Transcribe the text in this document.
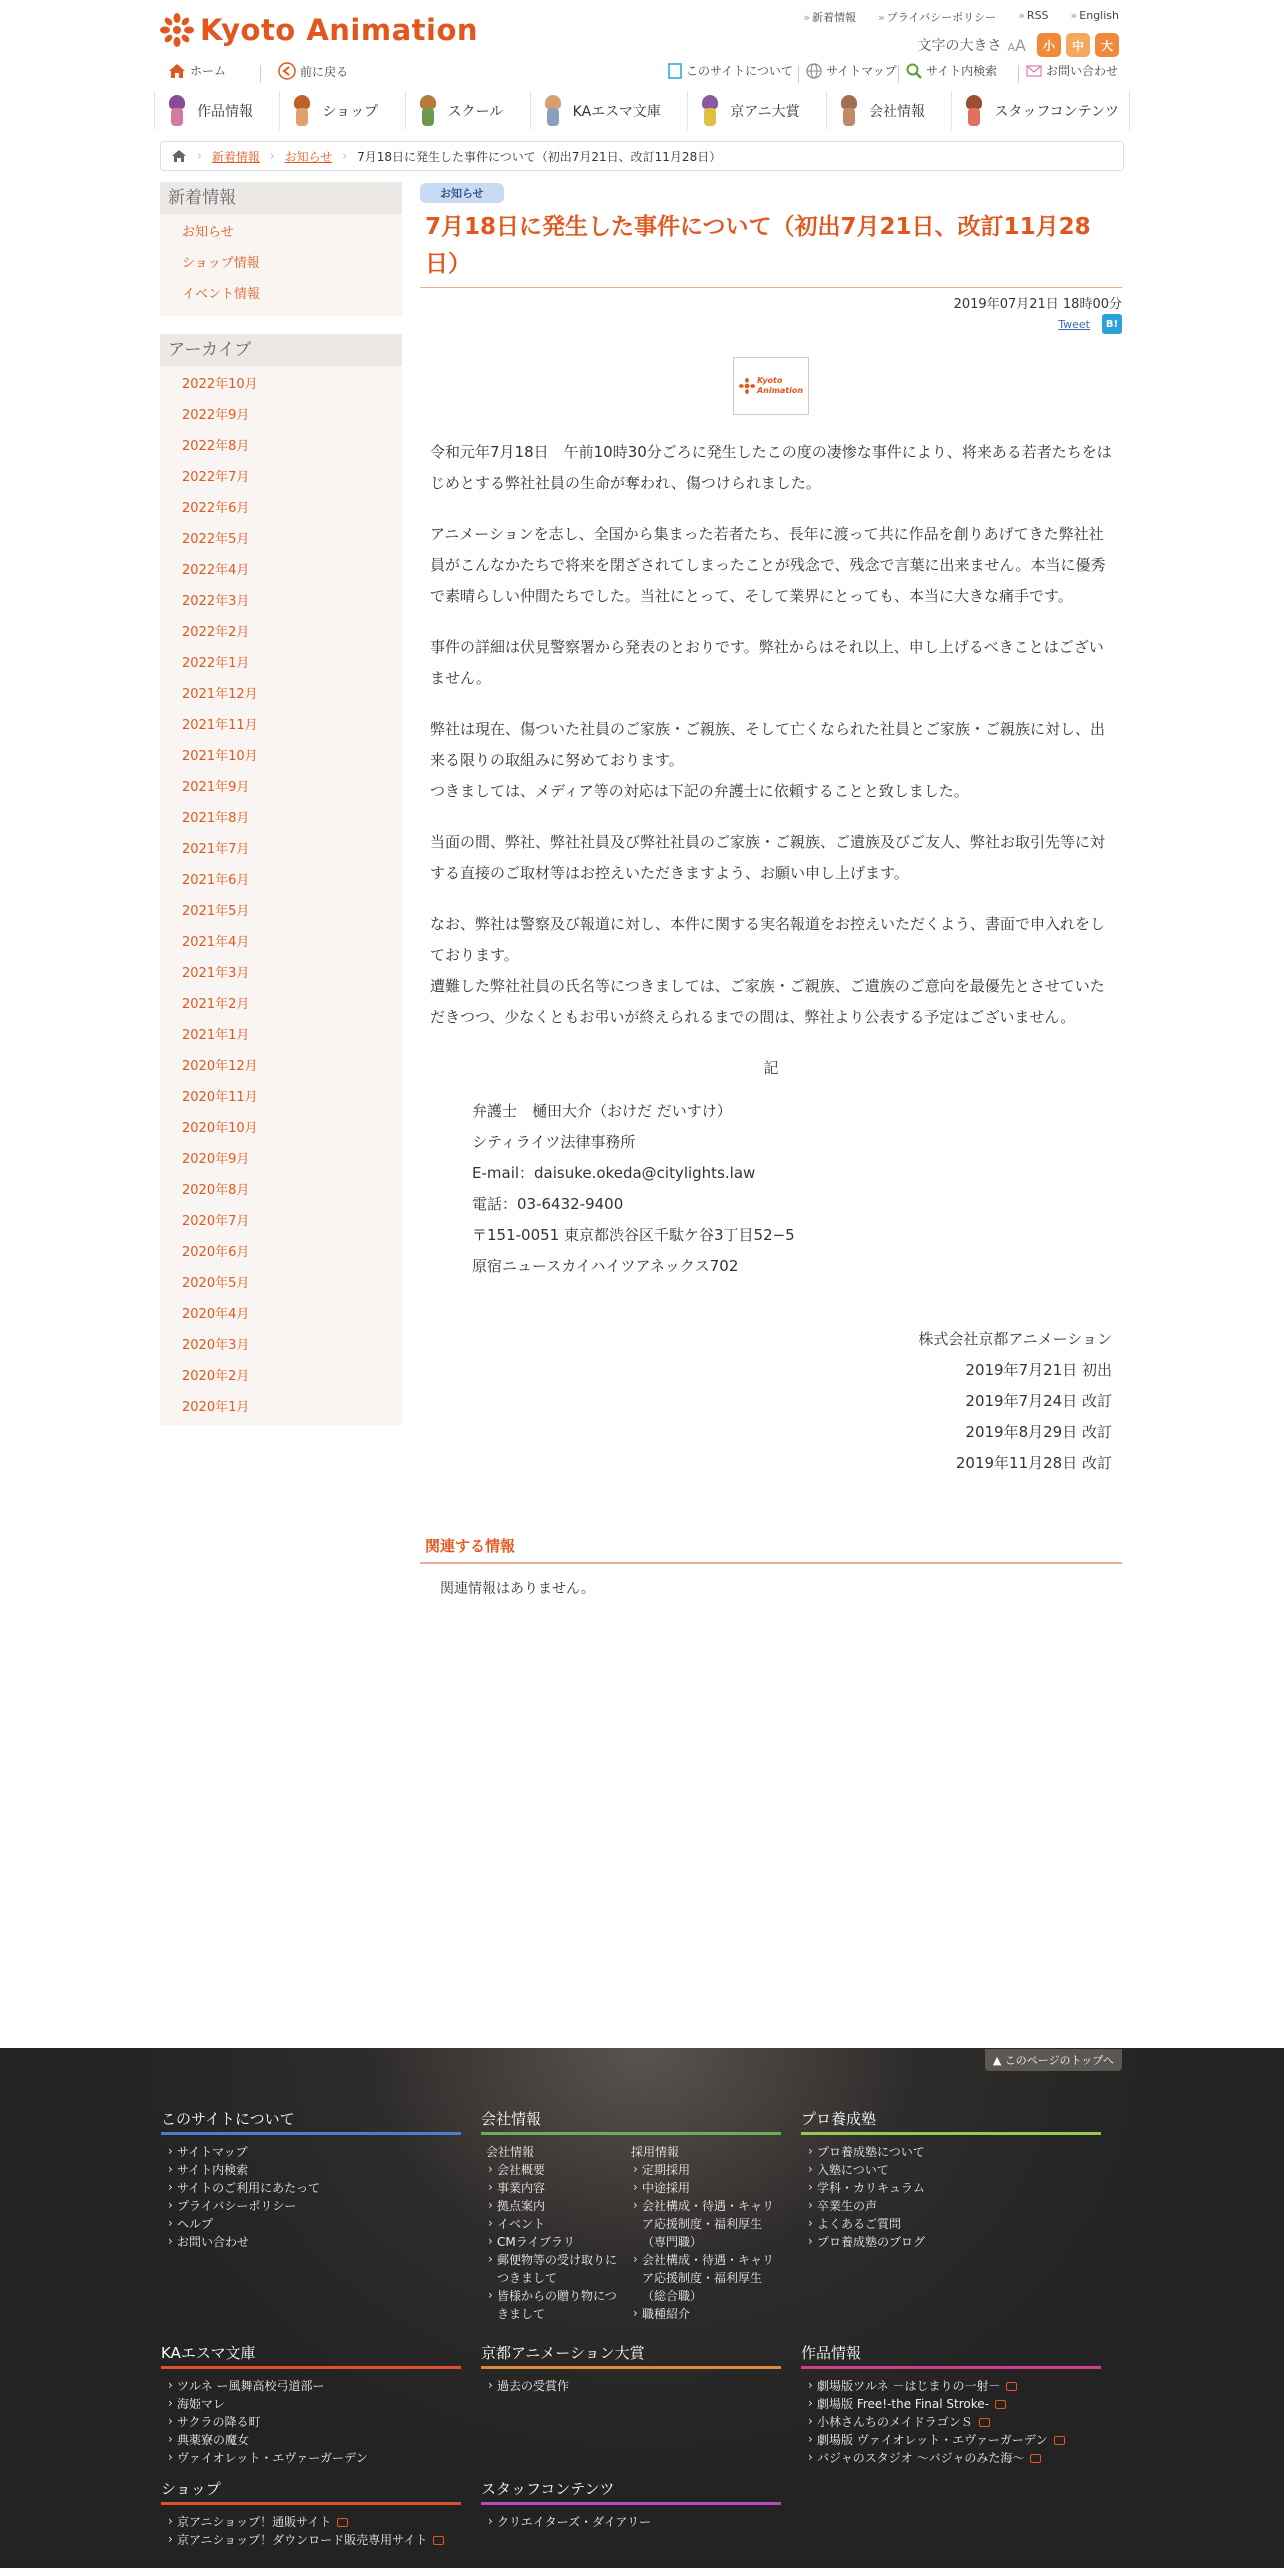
Kyoto Animation	» 新着情報 » プライバシーポリシー » RSS » English
文字の大きさ AA	小	中	大
ホーム	前に戻る	このサイトについて	サイトマップ サイト内検索	お問い合わせ
作品情報	ショップ	スクール	KAエスマ文庫	京アニ大賞	会社情報	スタッフコンテンツ
› 新着情報 › お知らせ › 7月18日に発生した事件について（初出7月21日、改訂11月28日）
新着情報
お知らせ
ショップ情報
イベント情報
アーカイブ
2022年10月
2022年9月
2022年8月
2022年7月
2022年6月
2022年5月
2022年4月
2022年3月
2022年2月
2022年1月
2021年12月
2021年11月
2021年10月
2021年9月
2021年8月
2021年7月
2021年6月
2021年5月
2021年4月
2021年3月
2021年2月
2021年1月
2020年12月
2020年11月
2020年10月
2020年9月
2020年8月
2020年7月
2020年6月
2020年5月
2020年4月
2020年3月
2020年2月
2020年1月
お知らせ
7月18日に発生した事件について（初出7月21日、改訂11月28日）
2019年07月21日 18時00分
Tweet	B!
Kyoto
Animation

令和元年7月18日　午前10時30分ごろに発生したこの度の凄惨な事件により、将来ある若者たちをはじめとする弊社社員の生命が奪われ、傷つけられました。

アニメーションを志し、全国から集まった若者たち、長年に渡って共に作品を創りあげてきた弊社社員がこんなかたちで将来を閉ざされてしまったことが残念で、残念で言葉に出来ません。本当に優秀で素晴らしい仲間たちでした。当社にとって、そして業界にとっても、本当に大きな痛手です。

事件の詳細は伏見警察署から発表のとおりです。弊社からはそれ以上、申し上げるべきことはございません。

弊社は現在、傷ついた社員のご家族・ご親族、そして亡くなられた社員とご家族・ご親族に対し、出来る限りの取組みに努めております。
つきましては、メディア等の対応は下記の弁護士に依頼することと致しました。

当面の間、弊社、弊社社員及び弊社社員のご家族・ご親族、ご遺族及びご友人、弊社お取引先等に対する直接のご取材等はお控えいただきますよう、お願い申し上げます。

なお、弊社は警察及び報道に対し、本件に関する実名報道をお控えいただくよう、書面で申入れをしております。
遭難した弊社社員の氏名等につきましては、ご家族・ご親族、ご遺族のご意向を最優先とさせていただきつつ、少なくともお弔いが終えられるまでの間は、弊社より公表する予定はございません。

記
弁護士　樋田大介（おけだ だいすけ）
シティライツ法律事務所
E-mail：daisuke.okeda@citylights.law
電話：03-6432-9400
〒151-0051 東京都渋谷区千駄ケ谷3丁目52−5
原宿ニュースカイハイツアネックス702
株式会社京都アニメーション
2019年7月21日 初出
2019年7月24日 改訂
2019年8月29日 改訂
2019年11月28日 改訂
関連する情報

関連情報はありません。

▲ このページのトップへ
このサイトについて
› サイトマップ
› サイト内検索
› サイトのご利用にあたって
› プライバシーポリシー
› ヘルプ
› お問い合わせ
会社情報
会社情報
› 会社概要
› 事業内容
› 拠点案内
› イベント
› CMライブラリ
› 郵便物等の受け取りにつきまして
› 皆様からの贈り物につきまして
採用情報
› 定期採用
› 中途採用
› 会社構成・待遇・キャリア応援制度・福利厚生（専門職）
› 会社構成・待遇・キャリア応援制度・福利厚生（総合職）
› 職種紹介
プロ養成塾
› プロ養成塾について
› 入塾について
› 学科・カリキュラム
› 卒業生の声
› よくあるご質問
› プロ養成塾のブログ
KAエスマ文庫
› ツルネ ー風舞高校弓道部ー
› 海姫マレ
› サクラの降る町
› 典薬寮の魔女
› ヴァイオレット・エヴァーガーデン
京都アニメーション大賞
› 過去の受賞作
作品情報
› 劇場版ツルネ －はじまりの一射－
› 劇場版 Free!-the Final Stroke-
› 小林さんちのメイドラゴンＳ
› 劇場版 ヴァイオレット・エヴァーガーデン
› バジャのスタジオ ～バジャのみた海～
ショップ
› 京アニショップ！通販サイト
› 京アニショップ！ダウンロード販売専用サイト
スタッフコンテンツ
› クリエイターズ・ダイアリー
